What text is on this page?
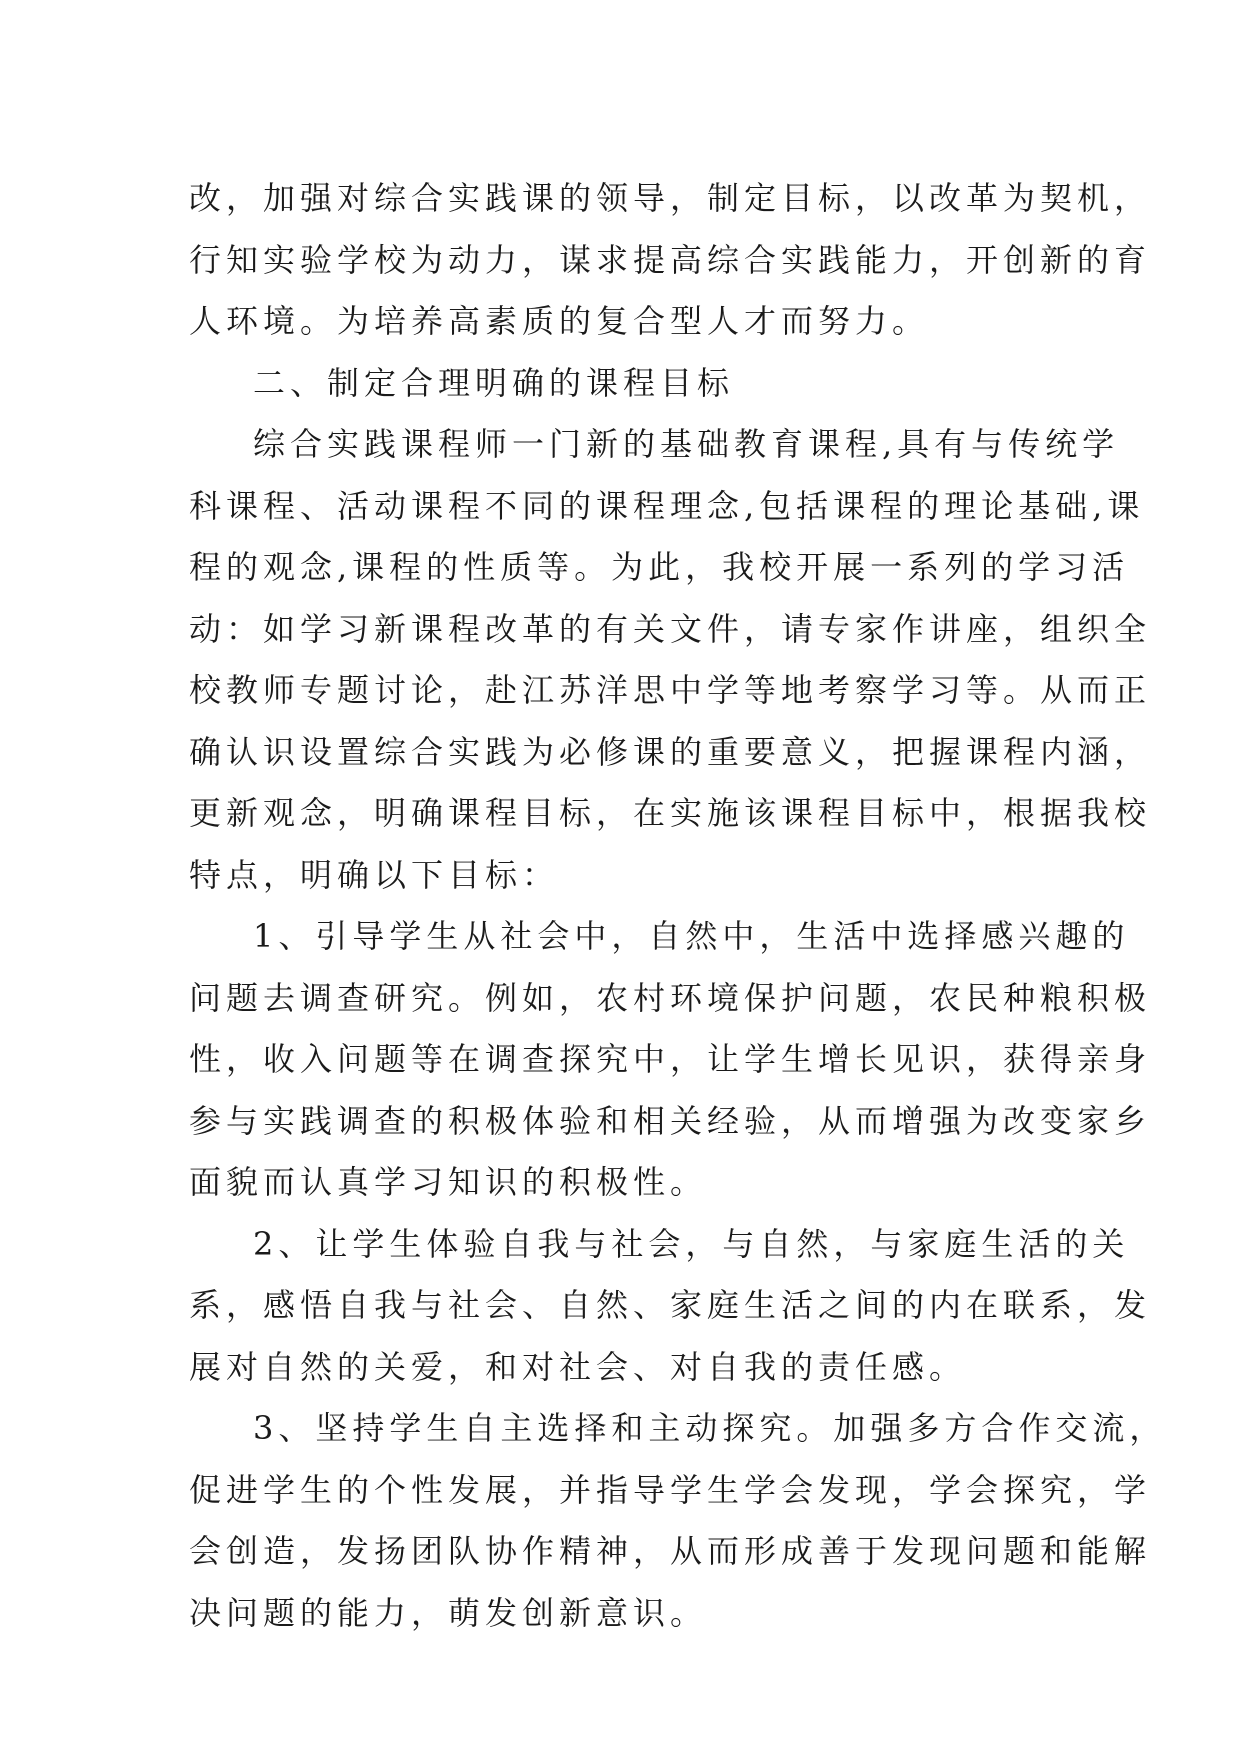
改，加强对综合实践课的领导，制定目标，以改革为契机，
行知实验学校为动力，谋求提高综合实践能力，开创新的育
人环境。为培养高素质的复合型人才而努力。
二、制定合理明确的课程目标
综合实践课程师一门新的基础教育课程,具有与传统学
科课程、活动课程不同的课程理念,包括课程的理论基础,课
程的观念,课程的性质等。为此，我校开展一系列的学习活
动：如学习新课程改革的有关文件，请专家作讲座，组织全
校教师专题讨论，赴江苏洋思中学等地考察学习等。从而正
确认识设置综合实践为必修课的重要意义，把握课程内涵，
更新观念，明确课程目标，在实施该课程目标中，根据我校
特点，明确以下目标：
1、引导学生从社会中，自然中，生活中选择感兴趣的
问题去调查研究。例如，农村环境保护问题，农民种粮积极
性，收入问题等在调查探究中，让学生增长见识，获得亲身
参与实践调查的积极体验和相关经验，从而增强为改变家乡
面貌而认真学习知识的积极性。
2、让学生体验自我与社会，与自然，与家庭生活的关
系，感悟自我与社会、自然、家庭生活之间的内在联系，发
展对自然的关爱，和对社会、对自我的责任感。
3、坚持学生自主选择和主动探究。加强多方合作交流，
促进学生的个性发展，并指导学生学会发现，学会探究，学
会创造，发扬团队协作精神，从而形成善于发现问题和能解
决问题的能力，萌发创新意识。
